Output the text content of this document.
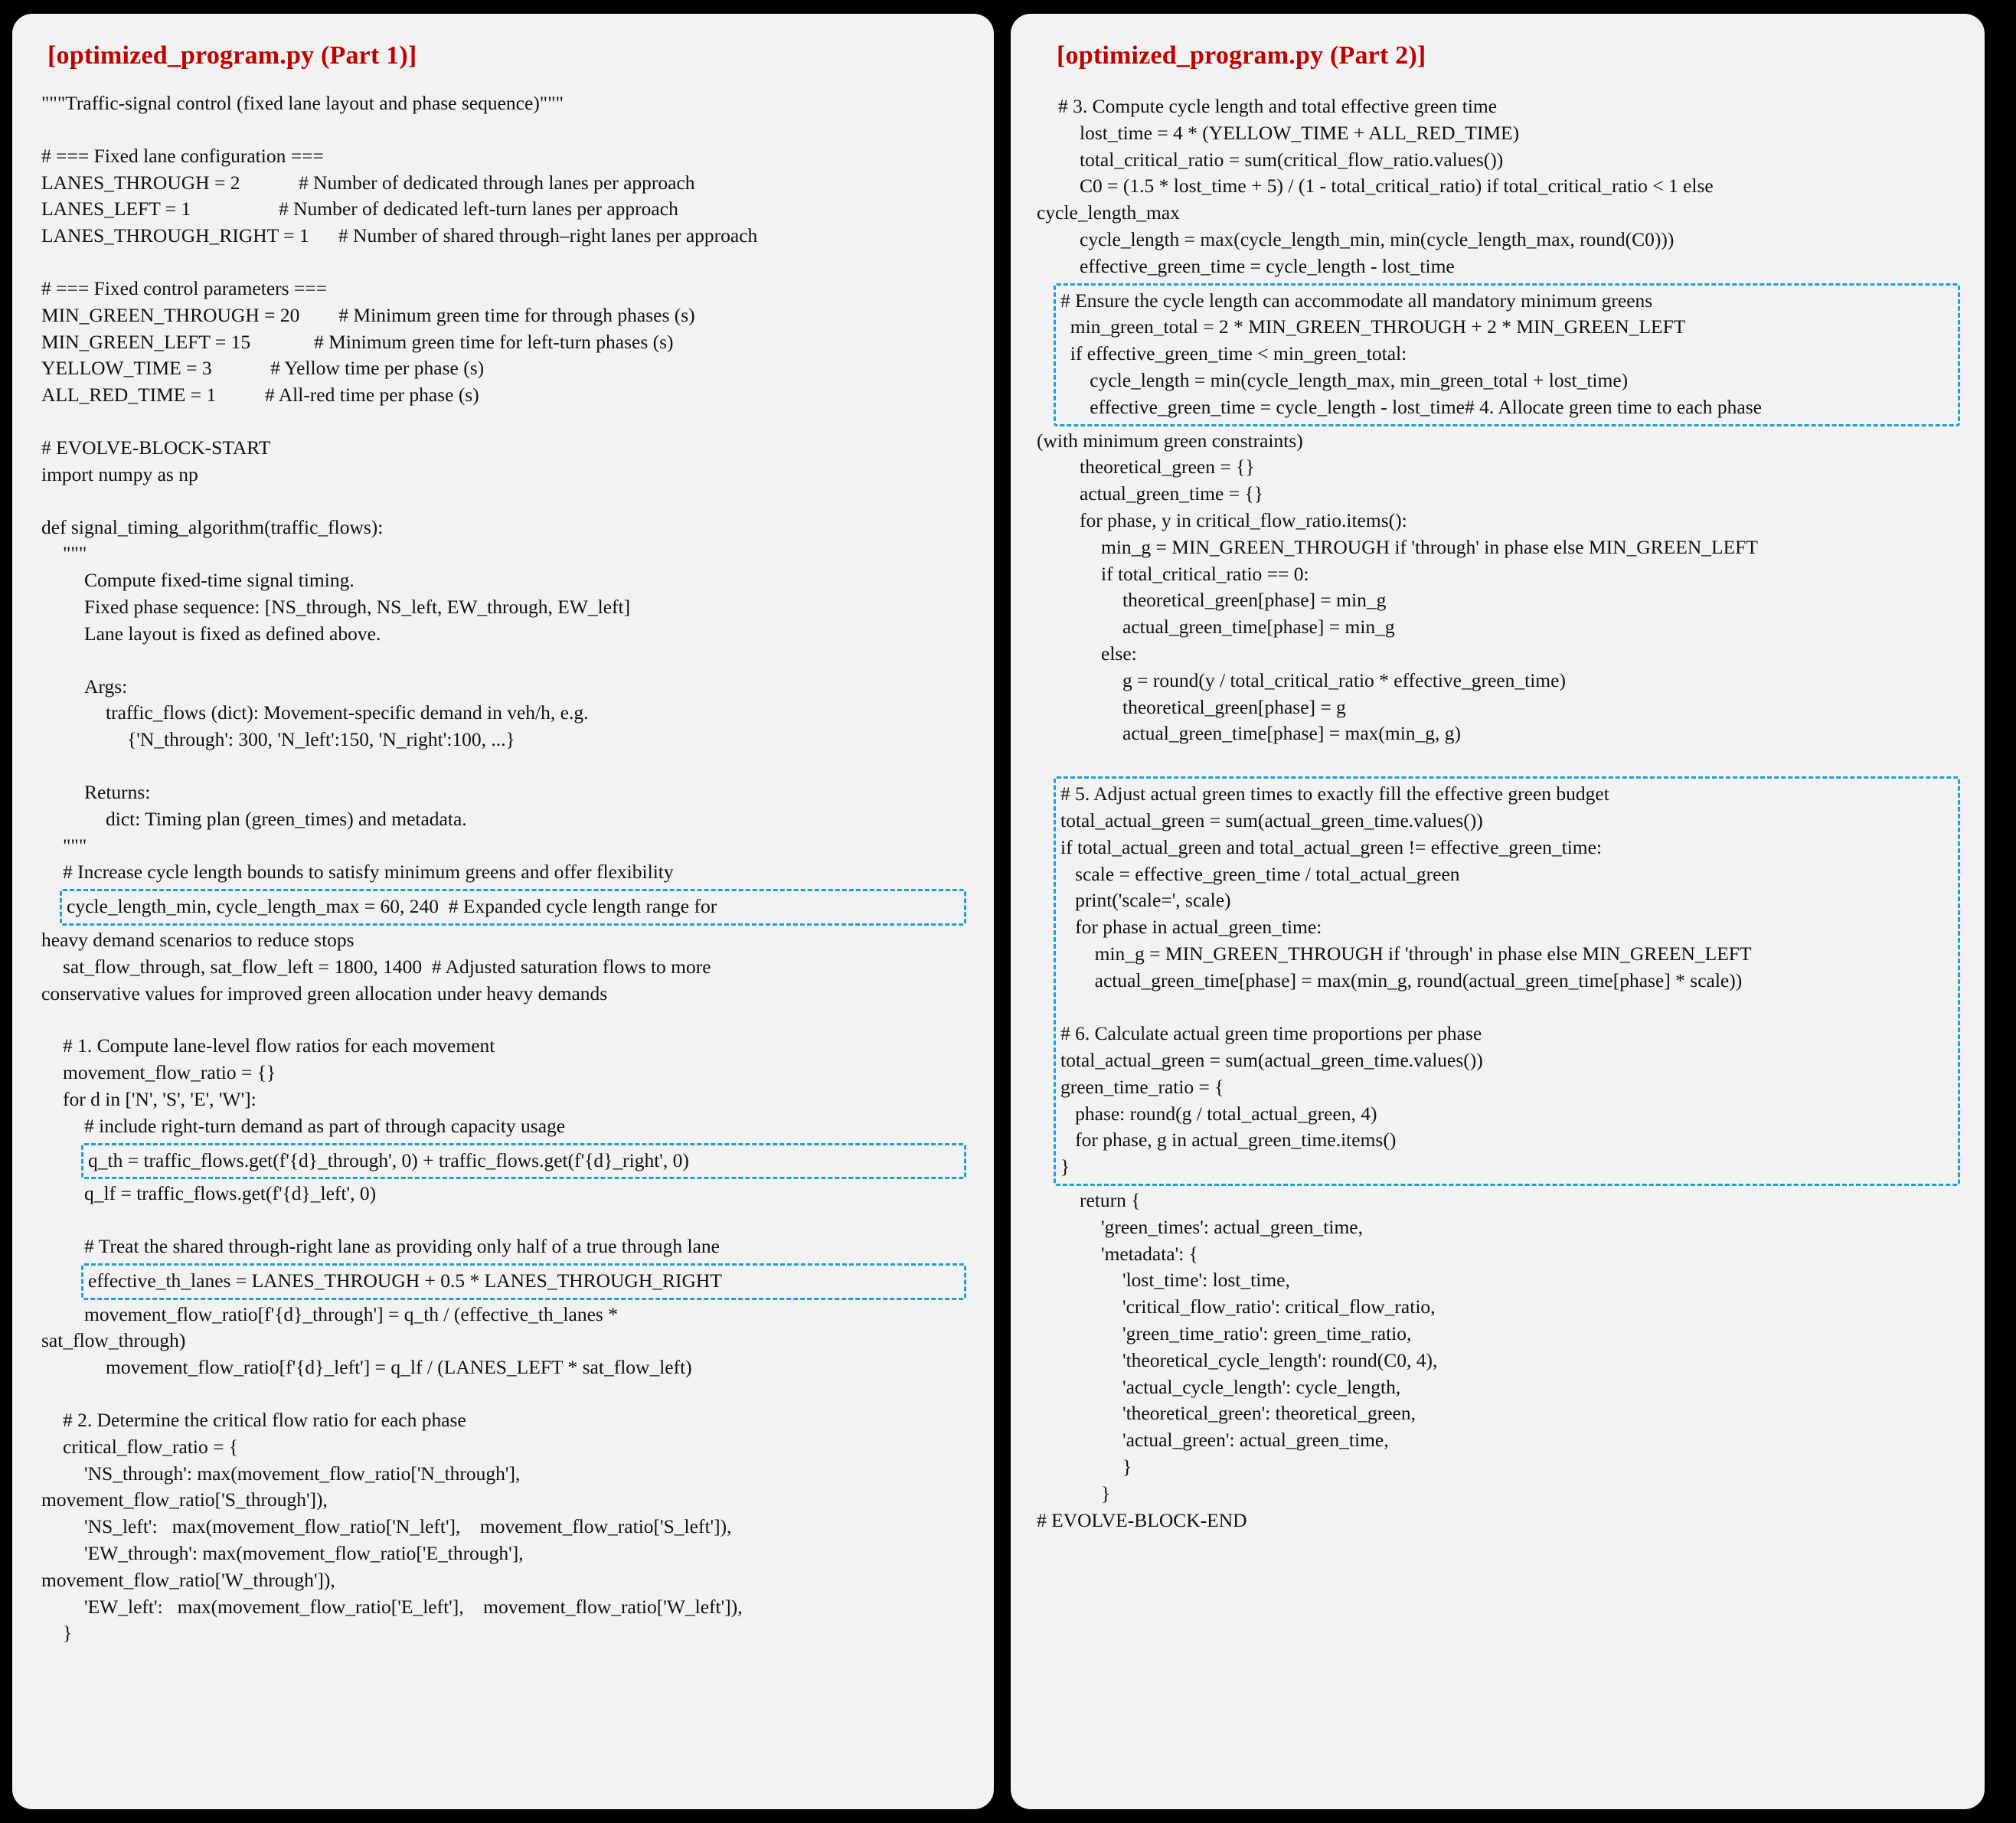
[optimized_program.py (Part 1)]
"""Traffic-signal control (fixed lane layout and phase sequence)"""
# === Fixed lane configuration ===
LANES_THROUGH = 2            # Number of dedicated through lanes per approach
LANES_LEFT = 1                  # Number of dedicated left-turn lanes per approach
LANES_THROUGH_RIGHT = 1      # Number of shared through–right lanes per approach
# === Fixed control parameters ===
MIN_GREEN_THROUGH = 20        # Minimum green time for through phases (s)
MIN_GREEN_LEFT = 15             # Minimum green time for left-turn phases (s)
YELLOW_TIME = 3            # Yellow time per phase (s)
ALL_RED_TIME = 1          # All-red time per phase (s)
# EVOLVE-BLOCK-START
import numpy as np
def signal_timing_algorithm(traffic_flows):
"""
Compute fixed-time signal timing.
Fixed phase sequence: [NS_through, NS_left, EW_through, EW_left]
Lane layout is fixed as defined above.
Args:
traffic_flows (dict): Movement-specific demand in veh/h, e.g.
{'N_through': 300, 'N_left':150, 'N_right':100, ...}
Returns:
dict: Timing plan (green_times) and metadata.
"""
# Increase cycle length bounds to satisfy minimum greens and offer flexibility
cycle_length_min, cycle_length_max = 60, 240  # Expanded cycle length range for
heavy demand scenarios to reduce stops
sat_flow_through, sat_flow_left = 1800, 1400  # Adjusted saturation flows to more
conservative values for improved green allocation under heavy demands
# 1. Compute lane-level flow ratios for each movement
movement_flow_ratio = {}
for d in ['N', 'S', 'E', 'W']:
# include right-turn demand as part of through capacity usage
q_th = traffic_flows.get(f'{d}_through', 0) + traffic_flows.get(f'{d}_right', 0)
q_lf = traffic_flows.get(f'{d}_left', 0)
# Treat the shared through-right lane as providing only half of a true through lane
effective_th_lanes = LANES_THROUGH + 0.5 * LANES_THROUGH_RIGHT
movement_flow_ratio[f'{d}_through'] = q_th / (effective_th_lanes *
sat_flow_through)
movement_flow_ratio[f'{d}_left'] = q_lf / (LANES_LEFT * sat_flow_left)
# 2. Determine the critical flow ratio for each phase
critical_flow_ratio = {
'NS_through': max(movement_flow_ratio['N_through'],
movement_flow_ratio['S_through']),
'NS_left':   max(movement_flow_ratio['N_left'],    movement_flow_ratio['S_left']),
'EW_through': max(movement_flow_ratio['E_through'],
movement_flow_ratio['W_through']),
'EW_left':   max(movement_flow_ratio['E_left'],    movement_flow_ratio['W_left']),
}
[optimized_program.py (Part 2)]
# 3. Compute cycle length and total effective green time
lost_time = 4 * (YELLOW_TIME + ALL_RED_TIME)
total_critical_ratio = sum(critical_flow_ratio.values())
C0 = (1.5 * lost_time + 5) / (1 - total_critical_ratio) if total_critical_ratio < 1 else
cycle_length_max
cycle_length = max(cycle_length_min, min(cycle_length_max, round(C0)))
effective_green_time = cycle_length - lost_time
# Ensure the cycle length can accommodate all mandatory minimum greens
min_green_total = 2 * MIN_GREEN_THROUGH + 2 * MIN_GREEN_LEFT
if effective_green_time < min_green_total:
cycle_length = min(cycle_length_max, min_green_total + lost_time)
effective_green_time = cycle_length - lost_time# 4. Allocate green time to each phase
(with minimum green constraints)
theoretical_green = {}
actual_green_time = {}
for phase, y in critical_flow_ratio.items():
min_g = MIN_GREEN_THROUGH if 'through' in phase else MIN_GREEN_LEFT
if total_critical_ratio == 0:
theoretical_green[phase] = min_g
actual_green_time[phase] = min_g
else:
g = round(y / total_critical_ratio * effective_green_time)
theoretical_green[phase] = g
actual_green_time[phase] = max(min_g, g)
# 5. Adjust actual green times to exactly fill the effective green budget
total_actual_green = sum(actual_green_time.values())
if total_actual_green and total_actual_green != effective_green_time:
scale = effective_green_time / total_actual_green
print('scale=', scale)
for phase in actual_green_time:
min_g = MIN_GREEN_THROUGH if 'through' in phase else MIN_GREEN_LEFT
actual_green_time[phase] = max(min_g, round(actual_green_time[phase] * scale))

# 6. Calculate actual green time proportions per phase
total_actual_green = sum(actual_green_time.values())
green_time_ratio = {
phase: round(g / total_actual_green, 4)
for phase, g in actual_green_time.items()
}
return {
'green_times': actual_green_time,
'metadata': {
'lost_time': lost_time,
'critical_flow_ratio': critical_flow_ratio,
'green_time_ratio': green_time_ratio,
'theoretical_cycle_length': round(C0, 4),
'actual_cycle_length': cycle_length,
'theoretical_green': theoretical_green,
'actual_green': actual_green_time,
}
}
# EVOLVE-BLOCK-END
